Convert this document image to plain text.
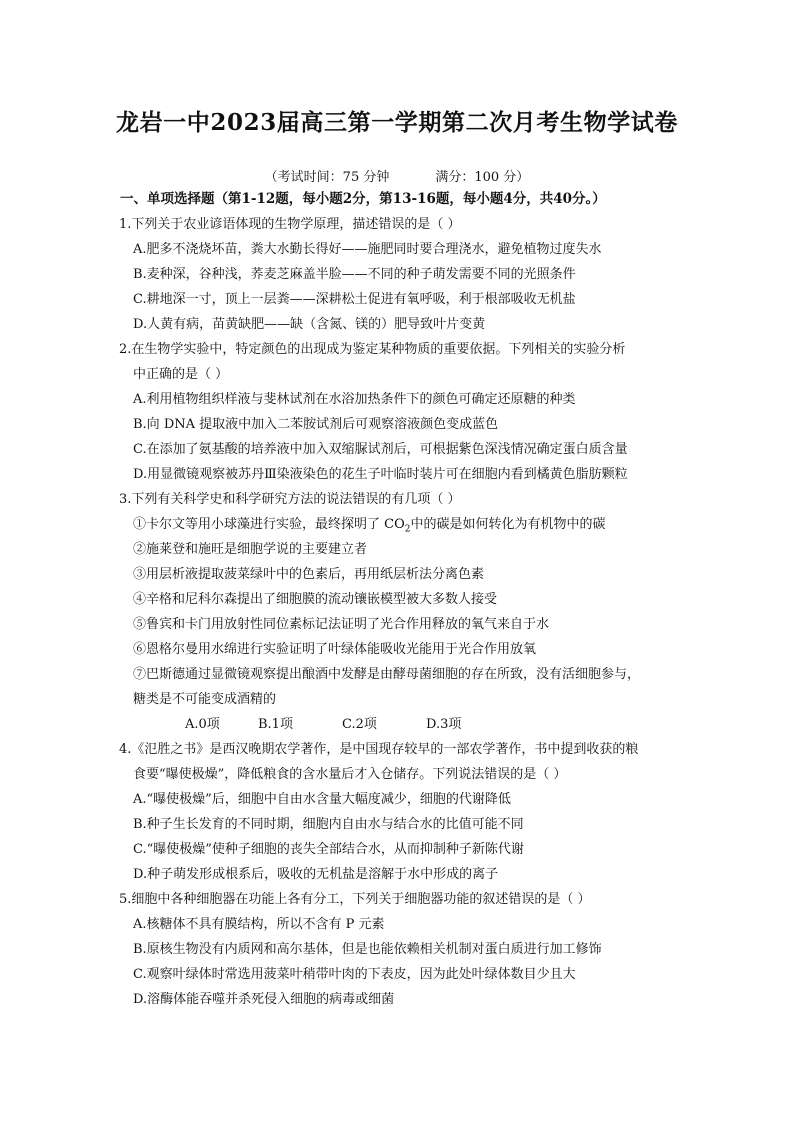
龙岩一中2023届高三第一学期第二次月考生物学试卷
（考试时间：75 分钟	满分：100 分）
一、单项选择题（第1-12题，每小题2分，第13-16题，每小题4分，共40分。）
1.下列关于农业谚语体现的生物学原理，描述错误的是（ ）
A.肥多不浇烧坏苗，粪大水勤长得好——施肥同时要合理浇水，避免植物过度失水
B.麦种深，谷种浅，荞麦芝麻盖半脸——不同的种子萌发需要不同的光照条件
C.耕地深一寸，顶上一层粪——深耕松土促进有氧呼吸，利于根部吸收无机盐
D.人黄有病，苗黄缺肥——缺（含氮、镁的）肥导致叶片变黄
2.在生物学实验中，特定颜色的出现成为鉴定某种物质的重要依据。下列相关的实验分析
中正确的是（ ）
A.利用植物组织样液与斐林试剂在水浴加热条件下的颜色可确定还原糖的种类
B.向 DNA 提取液中加入二苯胺试剂后可观察溶液颜色变成蓝色
C.在添加了氨基酸的培养液中加入双缩脲试剂后，可根据紫色深浅情况确定蛋白质含量
D.用显微镜观察被苏丹Ⅲ染液染色的花生子叶临时装片可在细胞内看到橘黄色脂肪颗粒
3.下列有关科学史和科学研究方法的说法错误的有几项（ ）
①卡尔文等用小球藻进行实验，最终探明了 $CO_2$中的碳是如何转化为有机物中的碳
②施莱登和施旺是细胞学说的主要建立者
③用层析液提取菠菜绿叶中的色素后，再用纸层析法分离色素
④辛格和尼科尔森提出了细胞膜的流动镶嵌模型被大多数人接受
⑤鲁宾和卡门用放射性同位素标记法证明了光合作用释放的氧气来自于水
⑥恩格尔曼用水绵进行实验证明了叶绿体能吸收光能用于光合作用放氧
⑦巴斯德通过显微镜观察提出酿酒中发酵是由酵母菌细胞的存在所致，没有活细胞参与，
糖类是不可能变成酒精的
A.0项	B.1项	C.2项	D.3项
4.《氾胜之书》是西汉晚期农学著作，是中国现存较早的一部农学著作，书中提到收获的粮
食要“曝使极燥”，降低粮食的含水量后才入仓储存。下列说法错误的是（ ）
A.“曝使极燥”后，细胞中自由水含量大幅度减少，细胞的代谢降低
B.种子生长发育的不同时期，细胞内自由水与结合水的比值可能不同
C.“曝使极燥”使种子细胞的丧失全部结合水，从而抑制种子新陈代谢
D.种子萌发形成根系后，吸收的无机盐是溶解于水中形成的离子
5.细胞中各种细胞器在功能上各有分工，下列关于细胞器功能的叙述错误的是（ ）
A.核糖体不具有膜结构，所以不含有 P 元素
B.原核生物没有内质网和高尔基体，但是也能依赖相关机制对蛋白质进行加工修饰
C.观察叶绿体时常选用菠菜叶稍带叶肉的下表皮，因为此处叶绿体数目少且大
D.溶酶体能吞噬并杀死侵入细胞的病毒或细菌
